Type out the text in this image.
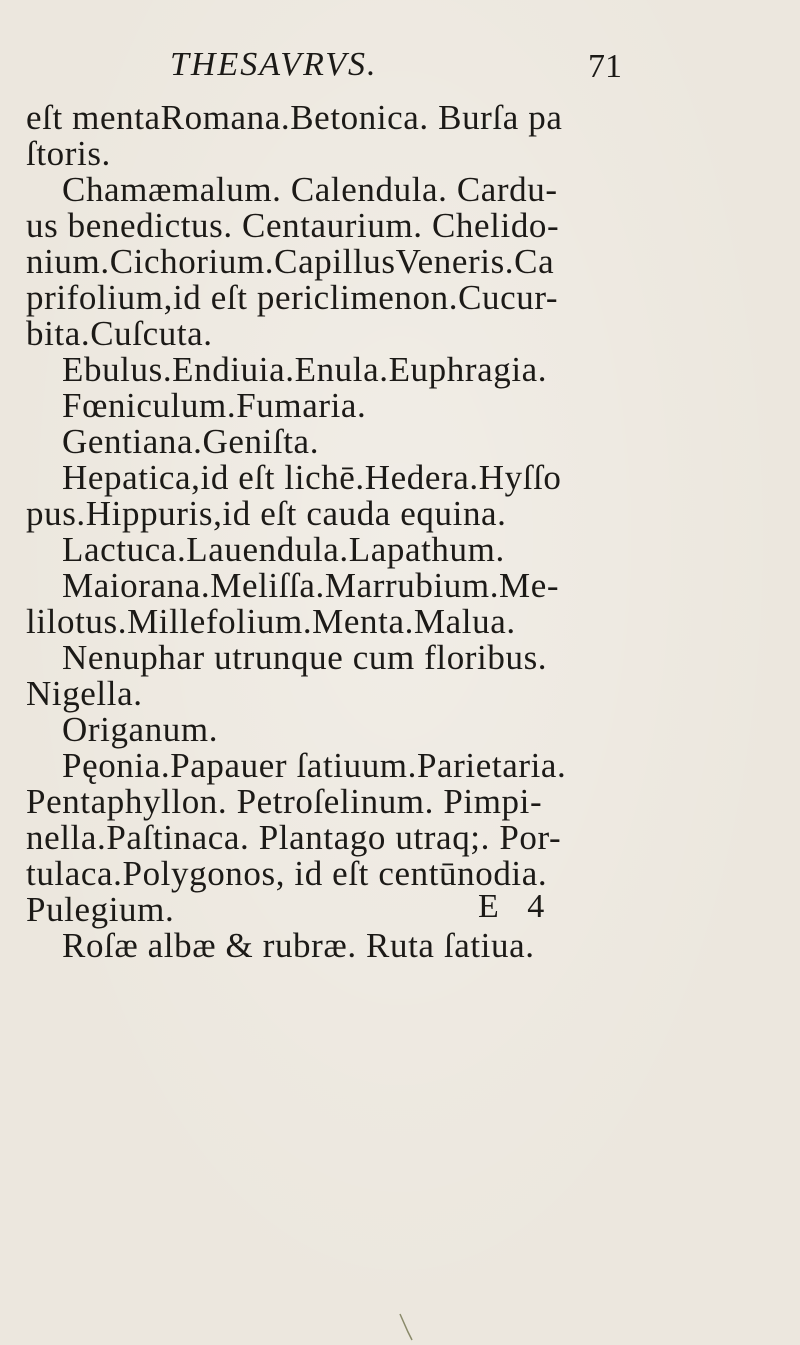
THESAVRVS.	71
eſt mentaRomana.Betonica. Burſa pa
ſtoris.
Chamæmalum. Calendula. Cardu-
us benedictus. Centaurium. Chelido-
nium.Cichorium.CapillusVeneris.Ca
prifolium,id eſt periclimenon.Cucur-
bita.Cuſcuta.
Ebulus.Endiuia.Enula.Euphragia.
Fœniculum.Fumaria.
Gentiana.Geniſta.
Hepatica,id eſt lichē.Hedera.Hyſſo
pus.Hippuris,id eſt cauda equina.
Lactuca.Lauendula.Lapathum.
Maiorana.Meliſſa.Marrubium.Me-
lilotus.Millefolium.Menta.Malua.
Nenuphar utrunque cum floribus.
Nigella.
Origanum.
Pęonia.Papauer ſatiuum.Parietaria.
Pentaphyllon. Petroſelinum. Pimpi-
nella.Paſtinaca. Plantago utraq;. Por-
tulaca.Polygonos, id eſt centūnodia.
Pulegium.
Roſæ albæ & rubræ. Ruta ſatiua.
E 4
